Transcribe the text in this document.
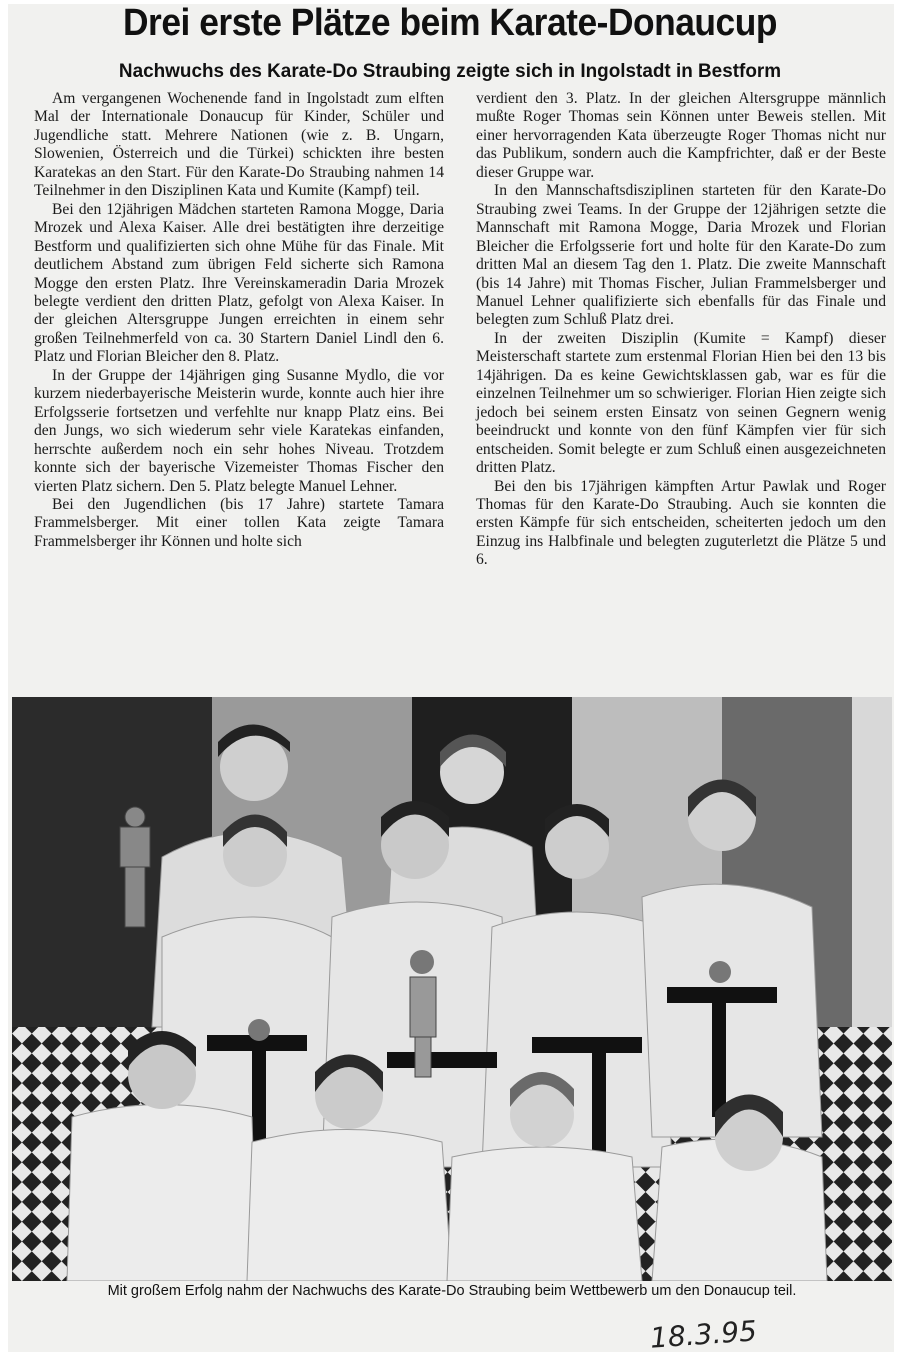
Drei erste Plätze beim Karate-Donaucup
Nachwuchs des Karate-Do Straubing zeigte sich in Ingolstadt in Bestform

Am vergangenen Wochenende fand in Ingolstadt zum elften Mal der Internationale Donaucup für Kinder, Schüler und Jugendliche statt. Mehrere Nationen (wie z. B. Ungarn, Slowenien, Österreich und die Türkei) schickten ihre besten Karatekas an den Start. Für den Karate-Do Straubing nahmen 14 Teilnehmer in den Disziplinen Kata und Kumite (Kampf) teil.

Bei den 12jährigen Mädchen starteten Ramona Mogge, Daria Mrozek und Alexa Kaiser. Alle drei bestätigten ihre derzeitige Bestform und qualifizierten sich ohne Mühe für das Finale. Mit deutlichem Abstand zum übrigen Feld sicherte sich Ramona Mogge den ersten Platz. Ihre Vereinskameradin Daria Mrozek belegte verdient den dritten Platz, gefolgt von Alexa Kaiser. In der gleichen Altersgruppe Jungen erreichten in einem sehr großen Teilnehmerfeld von ca. 30 Startern Daniel Lindl den 6. Platz und Florian Bleicher den 8. Platz.

In der Gruppe der 14jährigen ging Susanne Mydlo, die vor kurzem niederbayerische Meisterin wurde, konnte auch hier ihre Erfolgsserie fortsetzen und verfehlte nur knapp Platz eins. Bei den Jungs, wo sich wiederum sehr viele Karatekas einfanden, herrschte außerdem noch ein sehr hohes Niveau. Trotzdem konnte sich der bayerische Vizemeister Thomas Fischer den vierten Platz sichern. Den 5. Platz belegte Manuel Lehner.

Bei den Jugendlichen (bis 17 Jahre) startete Tamara Frammelsberger. Mit einer tollen Kata zeigte Tamara Frammelsberger ihr Können und holte sich

verdient den 3. Platz. In der gleichen Altersgruppe männlich mußte Roger Thomas sein Können unter Beweis stellen. Mit einer hervorragenden Kata überzeugte Roger Thomas nicht nur das Publikum, sondern auch die Kampfrichter, daß er der Beste dieser Gruppe war.

In den Mannschaftsdisziplinen starteten für den Karate-Do Straubing zwei Teams. In der Gruppe der 12jährigen setzte die Mannschaft mit Ramona Mogge, Daria Mrozek und Florian Bleicher die Erfolgsserie fort und holte für den Karate-Do zum dritten Mal an diesem Tag den 1. Platz. Die zweite Mannschaft (bis 14 Jahre) mit Thomas Fischer, Julian Frammelsberger und Manuel Lehner qualifizierte sich ebenfalls für das Finale und belegten zum Schluß Platz drei.

In der zweiten Disziplin (Kumite = Kampf) dieser Meisterschaft startete zum erstenmal Florian Hien bei den 13 bis 14jährigen. Da es keine Gewichtsklassen gab, war es für die einzelnen Teilnehmer um so schwieriger. Florian Hien zeigte sich jedoch bei seinem ersten Einsatz von seinen Gegnern wenig beeindruckt und konnte von den fünf Kämpfen vier für sich entscheiden. Somit belegte er zum Schluß einen ausgezeichneten dritten Platz.

Bei den bis 17jährigen kämpften Artur Pawlak und Roger Thomas für den Karate-Do Straubing. Auch sie konnten die ersten Kämpfe für sich entscheiden, scheiterten jedoch um den Einzug ins Halbfinale und belegten zuguterletzt die Plätze 5 und 6.

Mit großem Erfolg nahm der Nachwuchs des Karate-Do Straubing beim Wettbewerb um den Donaucup teil.
18.3.95
